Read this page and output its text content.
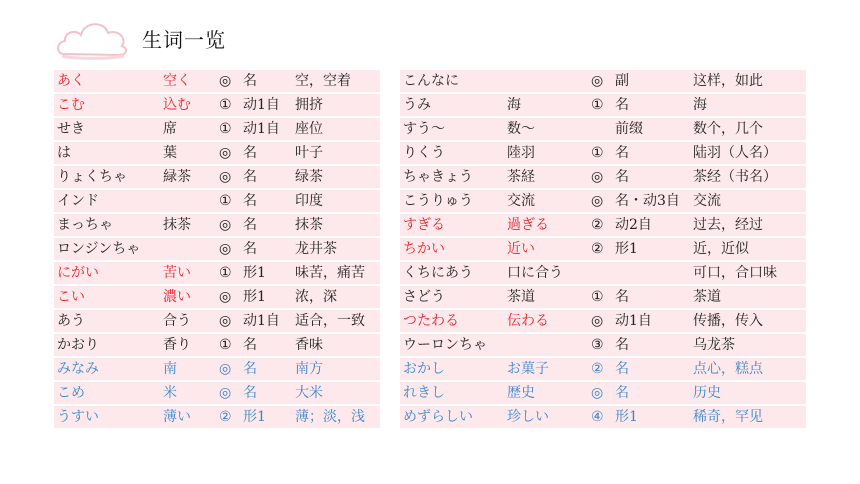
生词一览
あく	空く	◎	名	空，空着		こんなに		◎	副	这样，如此
こむ	込む	①	动1自	拥挤		うみ	海	①	名	海
せき	席	①	动1自	座位		すう～	数～		前缀	数个，几个
は	葉	◎	名	叶子		りくう	陸羽	①	名	陆羽（人名）
りょくちゃ	緑茶	◎	名	绿茶		ちゃきょう	茶経	◎	名	茶经（书名）
インド		①	名	印度		こうりゅう	交流	◎	名・动3自	交流
まっちゃ	抹茶	◎	名	抹茶		すぎる	過ぎる	②	动2自	过去，经过
ロンジンちゃ		◎	名	龙井茶		ちかい	近い	②	形1	近，近似
にがい	苦い	①	形1	味苦，痛苦		くちにあう	口に合う			可口，合口味
こい	濃い	◎	形1	浓，深		さどう	茶道	①	名	茶道
あう	合う	◎	动1自	适合，一致		つたわる	伝わる	◎	动1自	传播，传入
かおり	香り	①	名	香味		ウーロンちゃ		③	名	乌龙茶
みなみ	南	◎	名	南方		おかし	お菓子	②	名	点心，糕点
こめ	米	◎	名	大米		れきし	歴史	◎	名	历史
うすい	薄い	②	形1	薄；淡，浅		めずらしい	珍しい	④	形1	稀奇，罕见
